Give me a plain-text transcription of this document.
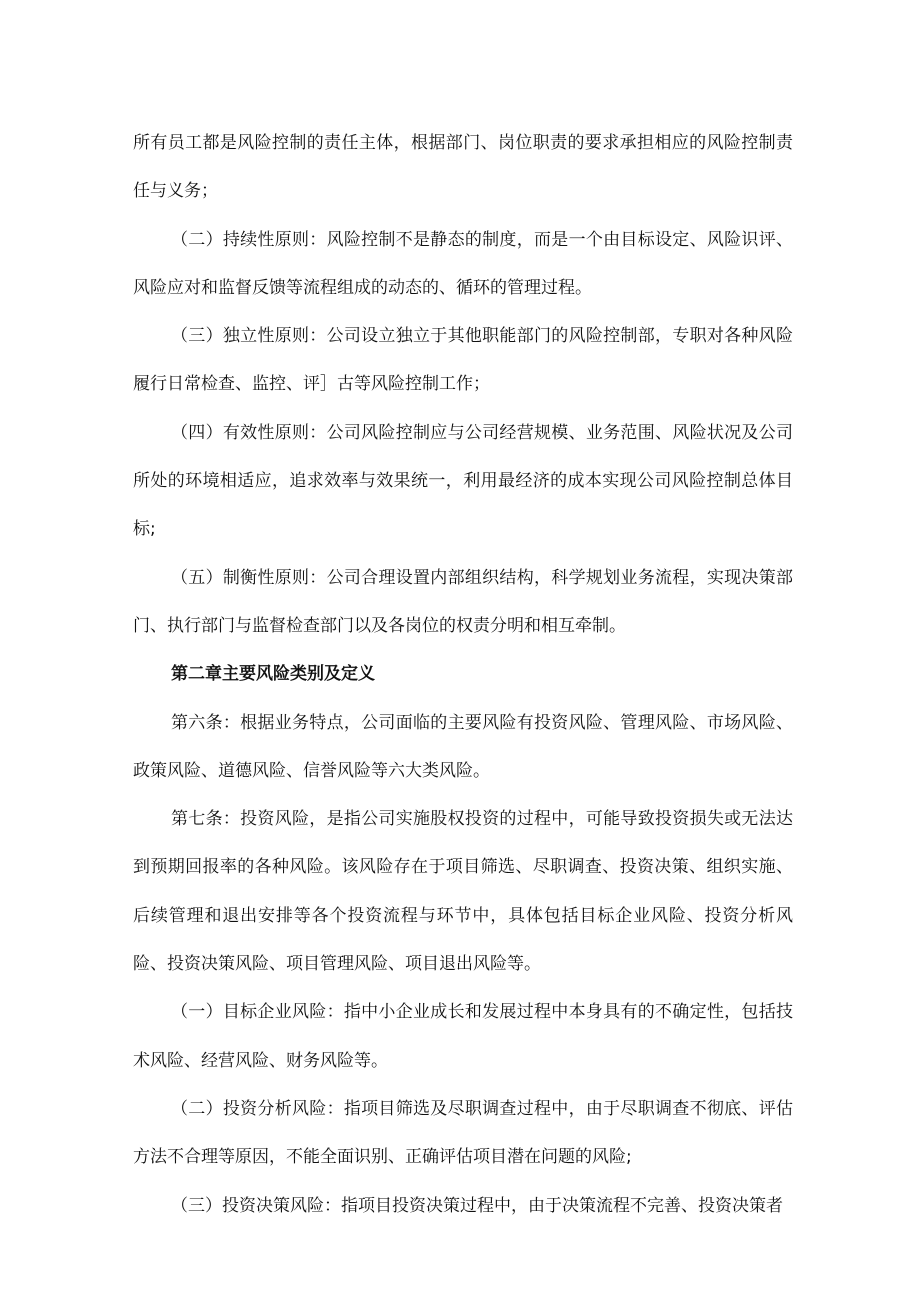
所有员工都是风险控制的责任主体，根据部门、岗位职责的要求承担相应的风险控制责任与义务；

（二）持续性原则：风险控制不是静态的制度，而是一个由目标设定、风险识评、风险应对和监督反馈等流程组成的动态的、循环的管理过程。

（三）独立性原则：公司设立独立于其他职能部门的风险控制部，专职对各种风险履行日常检查、监控、评］古等风险控制工作；

（四）有效性原则：公司风险控制应与公司经营规模、业务范围、风险状况及公司所处的环境相适应，追求效率与效果统一，利用最经济的成本实现公司风险控制总体目标;

（五）制衡性原则：公司合理设置内部组织结构，科学规划业务流程，实现决策部门、执行部门与监督检查部门以及各岗位的权责分明和相互牵制。

第二章主要风险类别及定义

第六条：根据业务特点，公司面临的主要风险有投资风险、管理风险、市场风险、政策风险、道德风险、信誉风险等六大类风险。

第七条：投资风险，是指公司实施股权投资的过程中，可能导致投资损失或无法达到预期回报率的各种风险。该风险存在于项目筛选、尽职调查、投资决策、组织实施、后续管理和退出安排等各个投资流程与环节中，具体包括目标企业风险、投资分析风险、投资决策风险、项目管理风险、项目退出风险等。

（一）目标企业风险：指中小企业成长和发展过程中本身具有的不确定性，包括技术风险、经营风险、财务风险等。

（二）投资分析风险：指项目筛选及尽职调查过程中，由于尽职调查不彻底、评估方法不合理等原因，不能全面识别、正确评估项目潜在问题的风险;

（三）投资决策风险：指项目投资决策过程中，由于决策流程不完善、投资决策者
